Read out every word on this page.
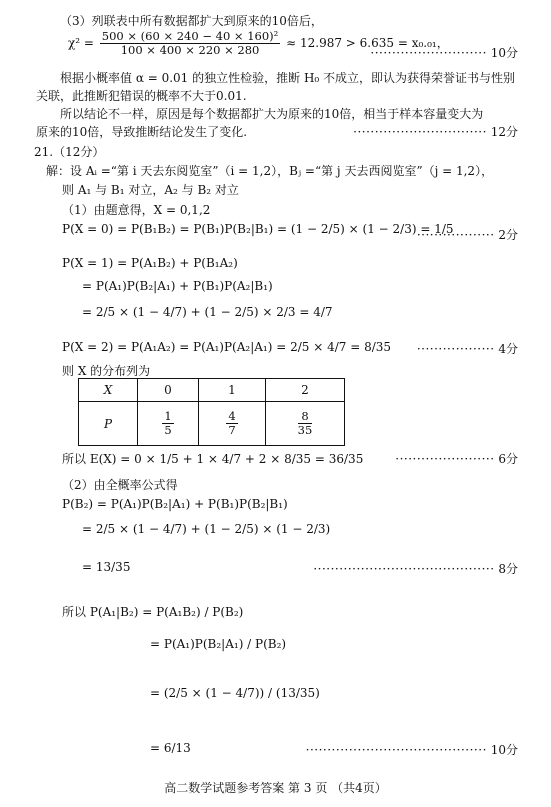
（3）列联表中所有数据都扩大到原来的10倍后，
$\chi^2 = \frac{\text{500 × (60 × 240 − 40 × 160)²}}{100 \times 400 \times 220 \times 280} \approx 12.987 > 6.635 = x_0._{01}$，
··························· 10分
根据小概率值 α = 0.01 的独立性检验，推断 H₀ 不成立，即认为获得荣誉证书与性别
关联，此推断犯错误的概率不大于0.01.
所以结论不一样，原因是每个数据都扩大为原来的10倍，相当于样本容量变大为
原来的10倍，导致推断结论发生了变化.	······························· 12分
21.（12分）
解：设 Aᵢ =“第 i 天去东阅览室”（i = 1,2），Bⱼ =“第 j 天去西阅览室”（j = 1,2），
则 A₁ 与 B₁ 对立，A₂ 与 B₂ 对立
（1）由题意得，X = 0,1,2
P(X = 0) = P(B₁B₂) = P(B₁)P(B₂|B₁) = (1 − 2/5) × (1 − 2/3) = 1/5
·················· 2分
P(X = 1) = P(A₁B₂) + P(B₁A₂)
= P(A₁)P(B₂|A₁) + P(B₁)P(A₂|B₁)
= 2/5 × (1 − 4/7) + (1 − 2/5) × 2/3 = 4/7
P(X = 2) = P(A₁A₂) = P(A₁)P(A₂|A₁) = 2/5 × 4/7 = 8/35 ·················· 4分
则 X 的分布列为
X	0	1	2
P	$\frac{1}{5}$	$\frac{4}{7}$	$\frac{8}{35}$
所以 E(X) = 0 × 1/5 + 1 × 4/7 + 2 × 8/35 = 36/35	······················· 6分
（2）由全概率公式得
P(B₂) = P(A₁)P(B₂|A₁) + P(B₁)P(B₂|B₁)
= 2/5 × (1 − 4/7) + (1 − 2/5) × (1 − 2/3)
= 13/35	·········································· 8分
所以 P(A₁|B₂) = P(A₁B₂) / P(B₂)
= P(A₁)P(B₂|A₁) / P(B₂)
= (2/5 × (1 − 4/7)) / (13/35)
= 6/13	·········································· 10分
高二数学试题参考答案 第 3 页 （共4页）
